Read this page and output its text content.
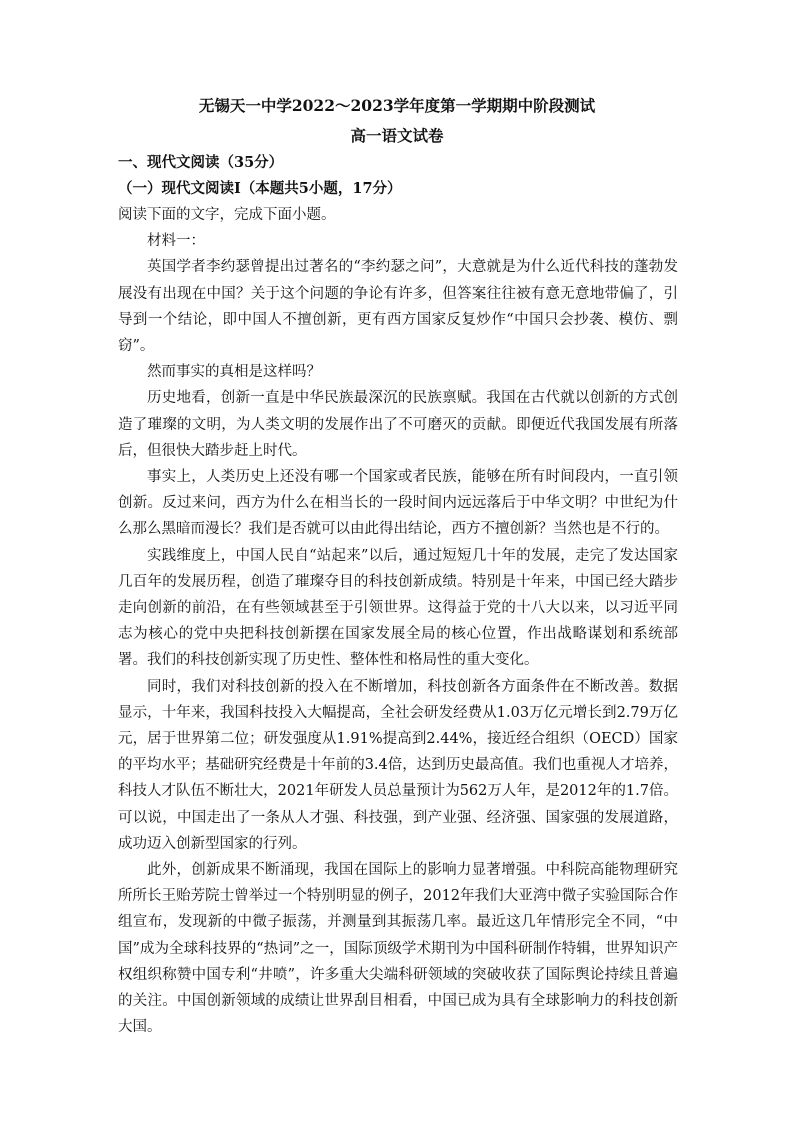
无锡天一中学2022～2023学年度第一学期期中阶段测试
高一语文试卷

一、现代文阅读（35分）

（一）现代文阅读Ⅰ（本题共5小题，17分）

阅读下面的文字，完成下面小题。

材料一：

英国学者李约瑟曾提出过著名的“李约瑟之问”，大意就是为什么近代科技的蓬勃发展没有出现在中国？关于这个问题的争论有许多，但答案往往被有意无意地带偏了，引导到一个结论，即中国人不擅创新，更有西方国家反复炒作“中国只会抄袭、模仿、剽窃”。

然而事实的真相是这样吗？

历史地看，创新一直是中华民族最深沉的民族禀赋。我国在古代就以创新的方式创造了璀璨的文明，为人类文明的发展作出了不可磨灭的贡献。即便近代我国发展有所落后，但很快大踏步赶上时代。

事实上，人类历史上还没有哪一个国家或者民族，能够在所有时间段内，一直引领创新。反过来问，西方为什么在相当长的一段时间内远远落后于中华文明？中世纪为什么那么黑暗而漫长？我们是否就可以由此得出结论，西方不擅创新？当然也是不行的。

实践维度上，中国人民自“站起来”以后，通过短短几十年的发展，走完了发达国家几百年的发展历程，创造了璀璨夺目的科技创新成绩。特别是十年来，中国已经大踏步走向创新的前沿，在有些领域甚至于引领世界。这得益于党的十八大以来，以习近平同志为核心的党中央把科技创新摆在国家发展全局的核心位置，作出战略谋划和系统部署。我们的科技创新实现了历史性、整体性和格局性的重大变化。

同时，我们对科技创新的投入在不断增加，科技创新各方面条件在不断改善。数据显示，十年来，我国科技投入大幅提高，全社会研发经费从1.03万亿元增长到2.79万亿元，居于世界第二位；研发强度从1.91%提高到2.44%，接近经合组织（OECD）国家的平均水平；基础研究经费是十年前的3.4倍，达到历史最高值。我们也重视人才培养，科技人才队伍不断壮大，2021年研发人员总量预计为562万人年，是2012年的1.7倍。可以说，中国走出了一条从人才强、科技强，到产业强、经济强、国家强的发展道路，成功迈入创新型国家的行列。

此外，创新成果不断涌现，我国在国际上的影响力显著增强。中科院高能物理研究所所长王贻芳院士曾举过一个特别明显的例子，2012年我们大亚湾中微子实验国际合作组宣布，发现新的中微子振荡，并测量到其振荡几率。最近这几年情形完全不同，“中国”成为全球科技界的“热词”之一，国际顶级学术期刊为中国科研制作特辑，世界知识产权组织称赞中国专利“井喷”，许多重大尖端科研领域的突破收获了国际舆论持续且普遍的关注。中国创新领域的成绩让世界刮目相看，中国已成为具有全球影响力的科技创新大国。
